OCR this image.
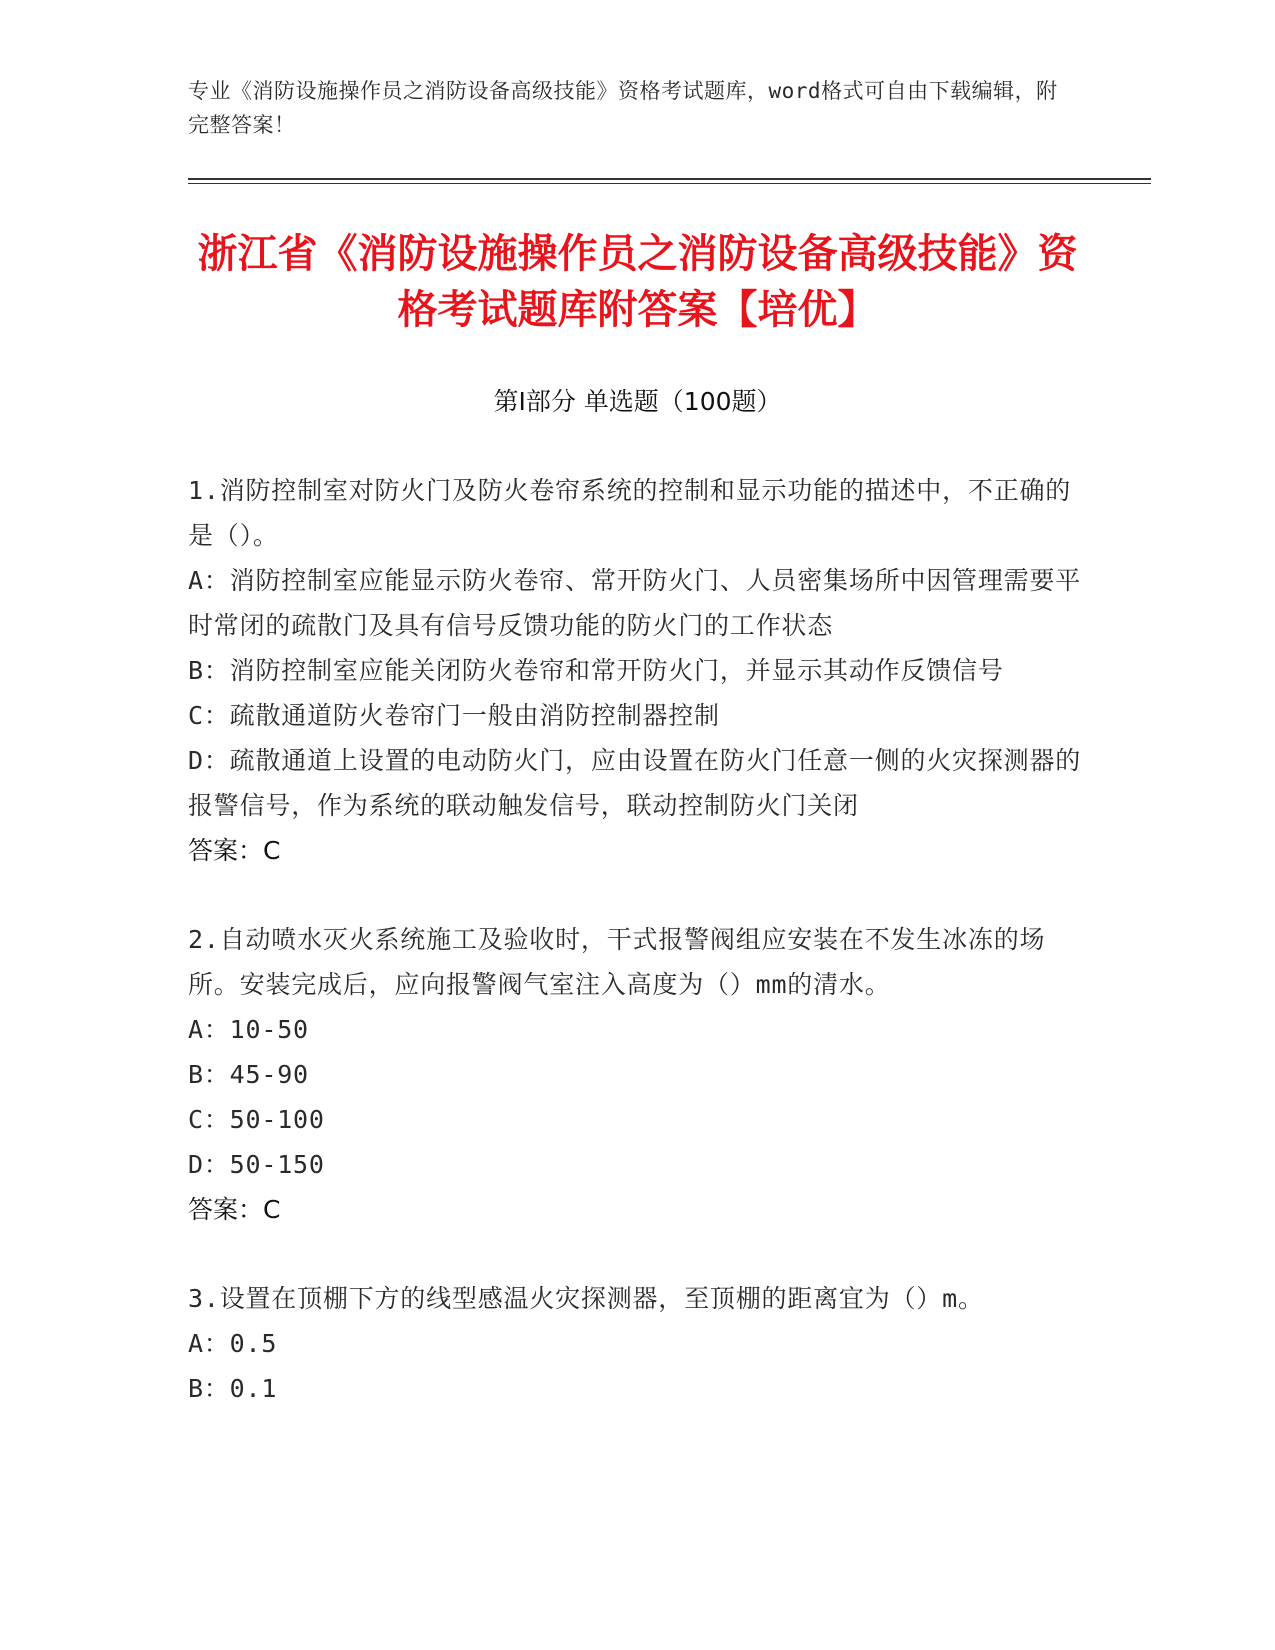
专业《消防设施操作员之消防设备高级技能》资格考试题库，word格式可自由下载编辑，附完整答案！
浙江省《消防设施操作员之消防设备高级技能》资格考试题库附答案【培优】
第Ⅰ部分 单选题（100题）
1.消防控制室对防火门及防火卷帘系统的控制和显示功能的描述中，不正确的是（）。
A：消防控制室应能显示防火卷帘、常开防火门、人员密集场所中因管理需要平时常闭的疏散门及具有信号反馈功能的防火门的工作状态
B：消防控制室应能关闭防火卷帘和常开防火门，并显示其动作反馈信号
C：疏散通道防火卷帘门一般由消防控制器控制
D：疏散通道上设置的电动防火门，应由设置在防火门任意一侧的火灾探测器的报警信号，作为系统的联动触发信号，联动控制防火门关闭
答案：C
2.自动喷水灭火系统施工及验收时，干式报警阀组应安装在不发生冰冻的场所。安装完成后，应向报警阀气室注入高度为（）mm的清水。
A：10-50
B：45-90
C：50-100
D：50-150
答案：C
3.设置在顶棚下方的线型感温火灾探测器，至顶棚的距离宜为（）m。
A：0.5
B：0.1
